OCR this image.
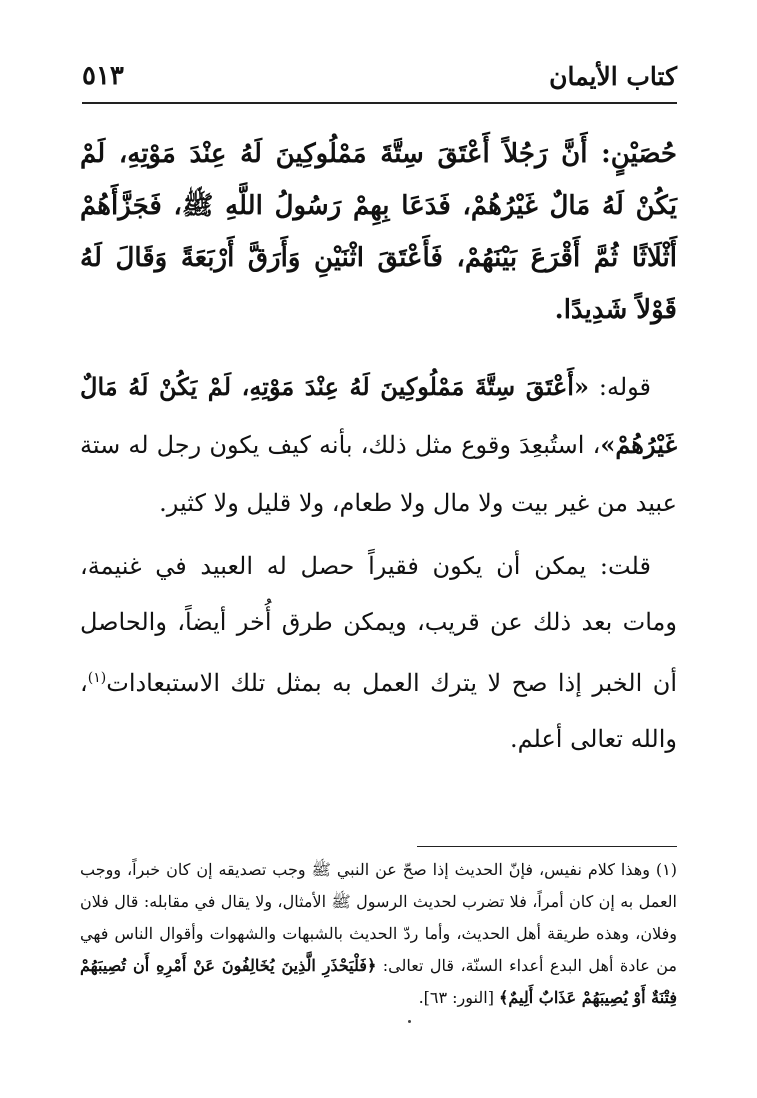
٥١٣	كتاب الأيمان

حُصَيْنٍ: أَنَّ رَجُلاً أَعْتَقَ سِتَّةَ مَمْلُوكِينَ لَهُ عِنْدَ مَوْتِهِ، لَمْ يَكُنْ لَهُ مَالٌ غَيْرُهُمْ، فَدَعَا بِهِمْ رَسُولُ اللَّهِ ﷺ، فَجَزَّأَهُمْ أَثْلَاثًا ثُمَّ أَقْرَعَ بَيْنَهُمْ، فَأَعْتَقَ اثْنَيْنِ وَأَرَقَّ أَرْبَعَةً وَقَالَ لَهُ قَوْلاً شَدِيدًا.

قوله: «أَعْتَقَ سِتَّةَ مَمْلُوكِينَ لَهُ عِنْدَ مَوْتِهِ، لَمْ يَكُنْ لَهُ مَالٌ غَيْرُهُمْ»، استُبعِدَ وقوع مثل ذلك، بأنه كيف يكون رجل له ستة عبيد من غير بيت ولا مال ولا طعام، ولا قليل ولا كثير.

قلت: يمكن أن يكون فقيراً حصل له العبيد في غنيمة، ومات بعد ذلك عن قريب، ويمكن طرق أُخر أيضاً، والحاصل أن الخبر إذا صح لا يترك العمل به بمثل تلك الاستبعادات$^{(١)}$، والله تعالى أعلم.

(١) وهذا كلام نفيس، فإنّ الحديث إذا صحّ عن النبي ﷺ وجب تصديقه إن كان خبراً، ووجب العمل به إن كان أمراً، فلا تضرب لحديث الرسول ﷺ الأمثال، ولا يقال في مقابله: قال فلان وفلان، وهذه طريقة أهل الحديث، وأما ردّ الحديث بالشبهات والشهوات وأقوال الناس فهي من عادة أهل البدع أعداء السنّة، قال تعالى: ﴿فَلْيَحْذَرِ الَّذِينَ يُخَالِفُونَ عَنْ أَمْرِهِ أَن تُصِيبَهُمْ فِتْنَةٌ أَوْ يُصِيبَهُمْ عَذَابٌ أَلِيمٌ﴾ [النور: ٦٣].
